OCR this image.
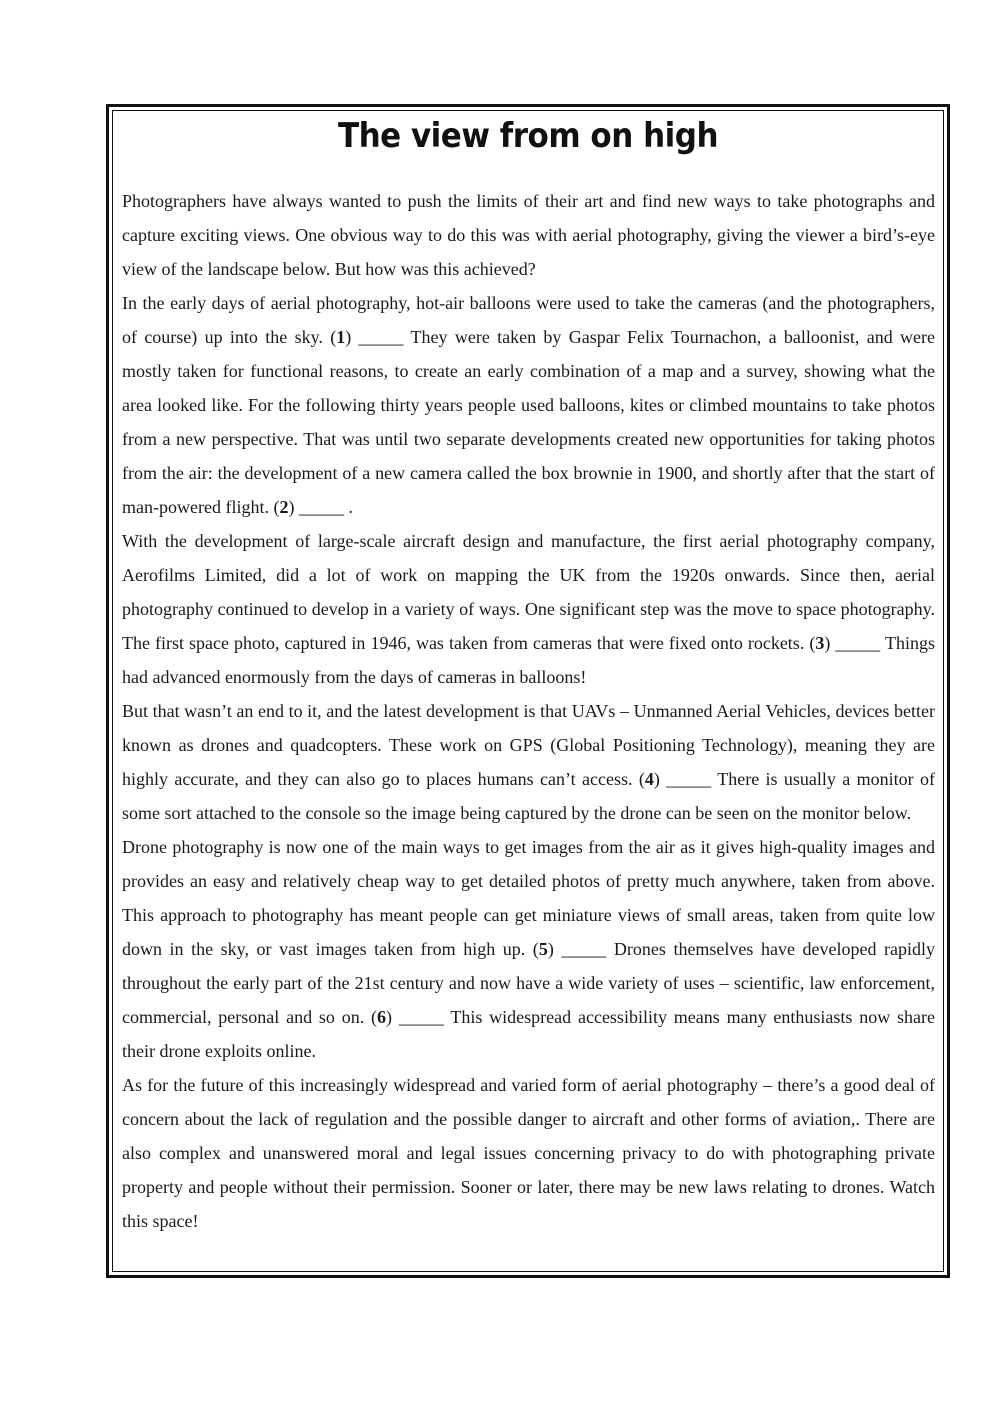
The view from on high

Photographers have always wanted to push the limits of their art and find new ways to take photographs and capture exciting views. One obvious way to do this was with aerial photography, giving the viewer a bird’s-eye view of the landscape below. But how was this achieved?

In the early days of aerial photography, hot-air balloons were used to take the cameras (and the photographers, of course) up into the sky. (1) _____ They were taken by Gaspar Felix Tournachon, a balloonist, and were mostly taken for functional reasons, to create an early combination of a map and a survey, showing what the area looked like. For the following thirty years people used balloons, kites or climbed mountains to take photos from a new perspective. That was until two separate developments created new opportunities for taking photos from the air: the development of a new camera called the box brownie in 1900, and shortly after that the start of man-powered flight. (2) _____ .

With the development of large-scale aircraft design and manufacture, the first aerial photography company, Aerofilms Limited, did a lot of work on mapping the UK from the 1920s onwards. Since then, aerial photography continued to develop in a variety of ways. One significant step was the move to space photography. The first space photo, captured in 1946, was taken from cameras that were fixed onto rockets. (3) _____ Things had advanced enormously from the days of cameras in balloons!

But that wasn’t an end to it, and the latest development is that UAVs – Unmanned Aerial Vehicles, devices better known as drones and quadcopters. These work on GPS (Global Positioning Technology), meaning they are highly accurate, and they can also go to places humans can’t access. (4) _____ There is usually a monitor of some sort attached to the console so the image being captured by the drone can be seen on the monitor below.

Drone photography is now one of the main ways to get images from the air as it gives high-quality images and provides an easy and relatively cheap way to get detailed photos of pretty much anywhere, taken from above. This approach to photography has meant people can get miniature views of small areas, taken from quite low down in the sky, or vast images taken from high up. (5) _____ Drones themselves have developed rapidly throughout the early part of the 21st century and now have a wide variety of uses – scientific, law enforcement, commercial, personal and so on. (6) _____ This widespread accessibility means many enthusiasts now share their drone exploits online.

As for the future of this increasingly widespread and varied form of aerial photography – there’s a good deal of concern about the lack of regulation and the possible danger to aircraft and other forms of aviation,. There are also complex and unanswered moral and legal issues concerning privacy to do with photographing private property and people without their permission. Sooner or later, there may be new laws relating to drones. Watch this space!
